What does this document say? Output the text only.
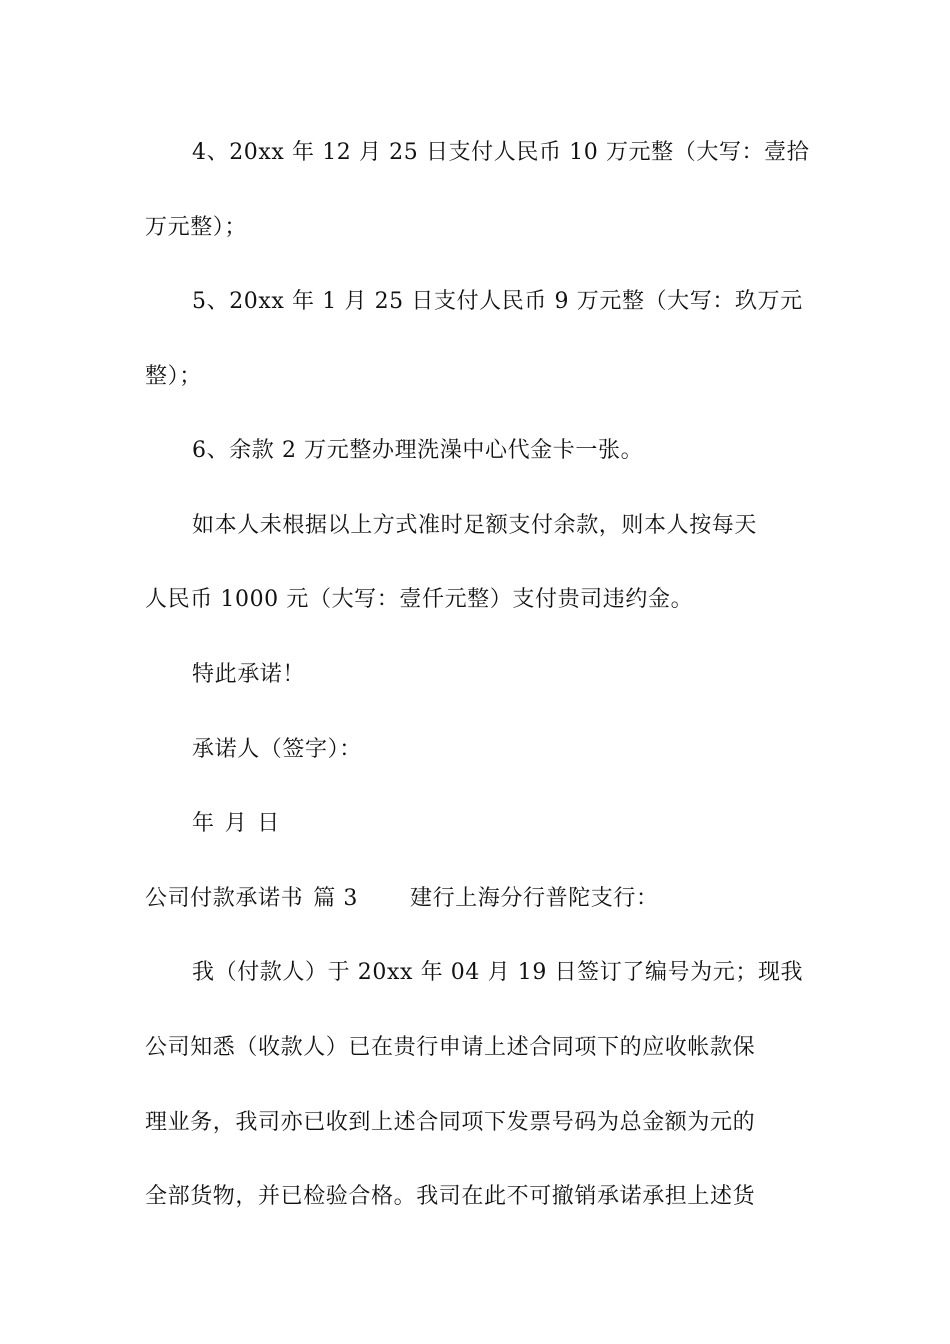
4、20xx 年 12 月 25 日支付人民币 10 万元整（大写：壹拾
万元整）；
5、20xx 年 1 月 25 日支付人民币 9 万元整（大写：玖万元
整）；
6、余款 2 万元整办理洗澡中心代金卡一张。
如本人未根据以上方式准时足额支付余款，则本人按每天
人民币 1000 元（大写：壹仟元整）支付贵司违约金。
特此承诺！
承诺人（签字）：
年 月 日
公司付款承诺书 篇 3 建行上海分行普陀支行：
我（付款人）于 20xx 年 04 月 19 日签订了编号为元；现我
公司知悉（收款人）已在贵行申请上述合同项下的应收帐款保
理业务，我司亦已收到上述合同项下发票号码为总金额为元的
全部货物，并已检验合格。我司在此不可撤销承诺承担上述货
